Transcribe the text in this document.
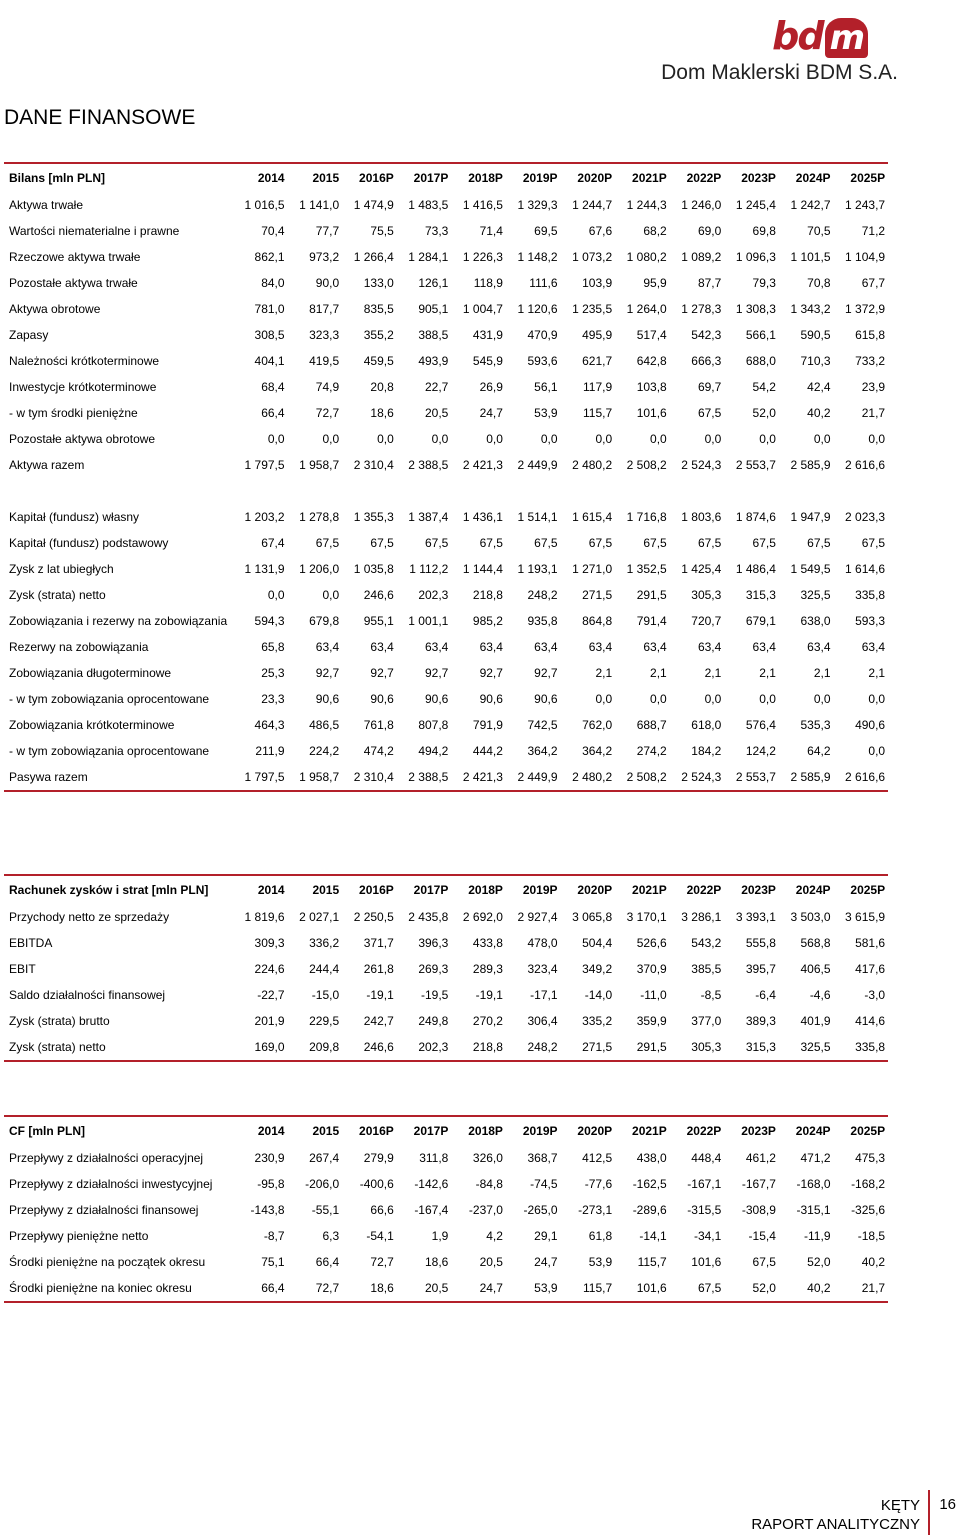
bd m
Dom Maklerski BDM S.A.
DANE FINANSOWE
Bilans [mln PLN]	2014	2015	2016P	2017P	2018P	2019P	2020P	2021P	2022P	2023P	2024P	2025P
Aktywa trwałe	1 016,5	1 141,0	1 474,9	1 483,5	1 416,5	1 329,3	1 244,7	1 244,3	1 246,0	1 245,4	1 242,7	1 243,7
Wartości niematerialne i prawne	70,4	77,7	75,5	73,3	71,4	69,5	67,6	68,2	69,0	69,8	70,5	71,2
Rzeczowe aktywa trwałe	862,1	973,2	1 266,4	1 284,1	1 226,3	1 148,2	1 073,2	1 080,2	1 089,2	1 096,3	1 101,5	1 104,9
Pozostałe aktywa trwałe	84,0	90,0	133,0	126,1	118,9	111,6	103,9	95,9	87,7	79,3	70,8	67,7
Aktywa obrotowe	781,0	817,7	835,5	905,1	1 004,7	1 120,6	1 235,5	1 264,0	1 278,3	1 308,3	1 343,2	1 372,9
Zapasy	308,5	323,3	355,2	388,5	431,9	470,9	495,9	517,4	542,3	566,1	590,5	615,8
Należności krótkoterminowe	404,1	419,5	459,5	493,9	545,9	593,6	621,7	642,8	666,3	688,0	710,3	733,2
Inwestycje krótkoterminowe	68,4	74,9	20,8	22,7	26,9	56,1	117,9	103,8	69,7	54,2	42,4	23,9
- w tym środki pieniężne	66,4	72,7	18,6	20,5	24,7	53,9	115,7	101,6	67,5	52,0	40,2	21,7
Pozostałe aktywa obrotowe	0,0	0,0	0,0	0,0	0,0	0,0	0,0	0,0	0,0	0,0	0,0	0,0
Aktywa razem	1 797,5	1 958,7	2 310,4	2 388,5	2 421,3	2 449,9	2 480,2	2 508,2	2 524,3	2 553,7	2 585,9	2 616,6
Kapitał (fundusz) własny	1 203,2	1 278,8	1 355,3	1 387,4	1 436,1	1 514,1	1 615,4	1 716,8	1 803,6	1 874,6	1 947,9	2 023,3
Kapitał (fundusz) podstawowy	67,4	67,5	67,5	67,5	67,5	67,5	67,5	67,5	67,5	67,5	67,5	67,5
Zysk z lat ubiegłych	1 131,9	1 206,0	1 035,8	1 112,2	1 144,4	1 193,1	1 271,0	1 352,5	1 425,4	1 486,4	1 549,5	1 614,6
Zysk (strata) netto	0,0	0,0	246,6	202,3	218,8	248,2	271,5	291,5	305,3	315,3	325,5	335,8
Zobowiązania i rezerwy na zobowiązania	594,3	679,8	955,1	1 001,1	985,2	935,8	864,8	791,4	720,7	679,1	638,0	593,3
Rezerwy na zobowiązania	65,8	63,4	63,4	63,4	63,4	63,4	63,4	63,4	63,4	63,4	63,4	63,4
Zobowiązania długoterminowe	25,3	92,7	92,7	92,7	92,7	92,7	2,1	2,1	2,1	2,1	2,1	2,1
- w tym zobowiązania oprocentowane	23,3	90,6	90,6	90,6	90,6	90,6	0,0	0,0	0,0	0,0	0,0	0,0
Zobowiązania krótkoterminowe	464,3	486,5	761,8	807,8	791,9	742,5	762,0	688,7	618,0	576,4	535,3	490,6
- w tym zobowiązania oprocentowane	211,9	224,2	474,2	494,2	444,2	364,2	364,2	274,2	184,2	124,2	64,2	0,0
Pasywa razem	1 797,5	1 958,7	2 310,4	2 388,5	2 421,3	2 449,9	2 480,2	2 508,2	2 524,3	2 553,7	2 585,9	2 616,6
Rachunek zysków i strat [mln PLN]	2014	2015	2016P	2017P	2018P	2019P	2020P	2021P	2022P	2023P	2024P	2025P
Przychody netto ze sprzedaży	1 819,6	2 027,1	2 250,5	2 435,8	2 692,0	2 927,4	3 065,8	3 170,1	3 286,1	3 393,1	3 503,0	3 615,9
EBITDA	309,3	336,2	371,7	396,3	433,8	478,0	504,4	526,6	543,2	555,8	568,8	581,6
EBIT	224,6	244,4	261,8	269,3	289,3	323,4	349,2	370,9	385,5	395,7	406,5	417,6
Saldo działalności finansowej	-22,7	-15,0	-19,1	-19,5	-19,1	-17,1	-14,0	-11,0	-8,5	-6,4	-4,6	-3,0
Zysk (strata) brutto	201,9	229,5	242,7	249,8	270,2	306,4	335,2	359,9	377,0	389,3	401,9	414,6
Zysk (strata) netto	169,0	209,8	246,6	202,3	218,8	248,2	271,5	291,5	305,3	315,3	325,5	335,8
CF [mln PLN]	2014	2015	2016P	2017P	2018P	2019P	2020P	2021P	2022P	2023P	2024P	2025P
Przepływy z działalności operacyjnej	230,9	267,4	279,9	311,8	326,0	368,7	412,5	438,0	448,4	461,2	471,2	475,3
Przepływy z działalności inwestycyjnej	-95,8	-206,0	-400,6	-142,6	-84,8	-74,5	-77,6	-162,5	-167,1	-167,7	-168,0	-168,2
Przepływy z działalności finansowej	-143,8	-55,1	66,6	-167,4	-237,0	-265,0	-273,1	-289,6	-315,5	-308,9	-315,1	-325,6
Przepływy pieniężne netto	-8,7	6,3	-54,1	1,9	4,2	29,1	61,8	-14,1	-34,1	-15,4	-11,9	-18,5
Środki pieniężne na początek okresu	75,1	66,4	72,7	18,6	20,5	24,7	53,9	115,7	101,6	67,5	52,0	40,2
Środki pieniężne na koniec okresu	66,4	72,7	18,6	20,5	24,7	53,9	115,7	101,6	67,5	52,0	40,2	21,7
16
KĘTY
RAPORT ANALITYCZNY
